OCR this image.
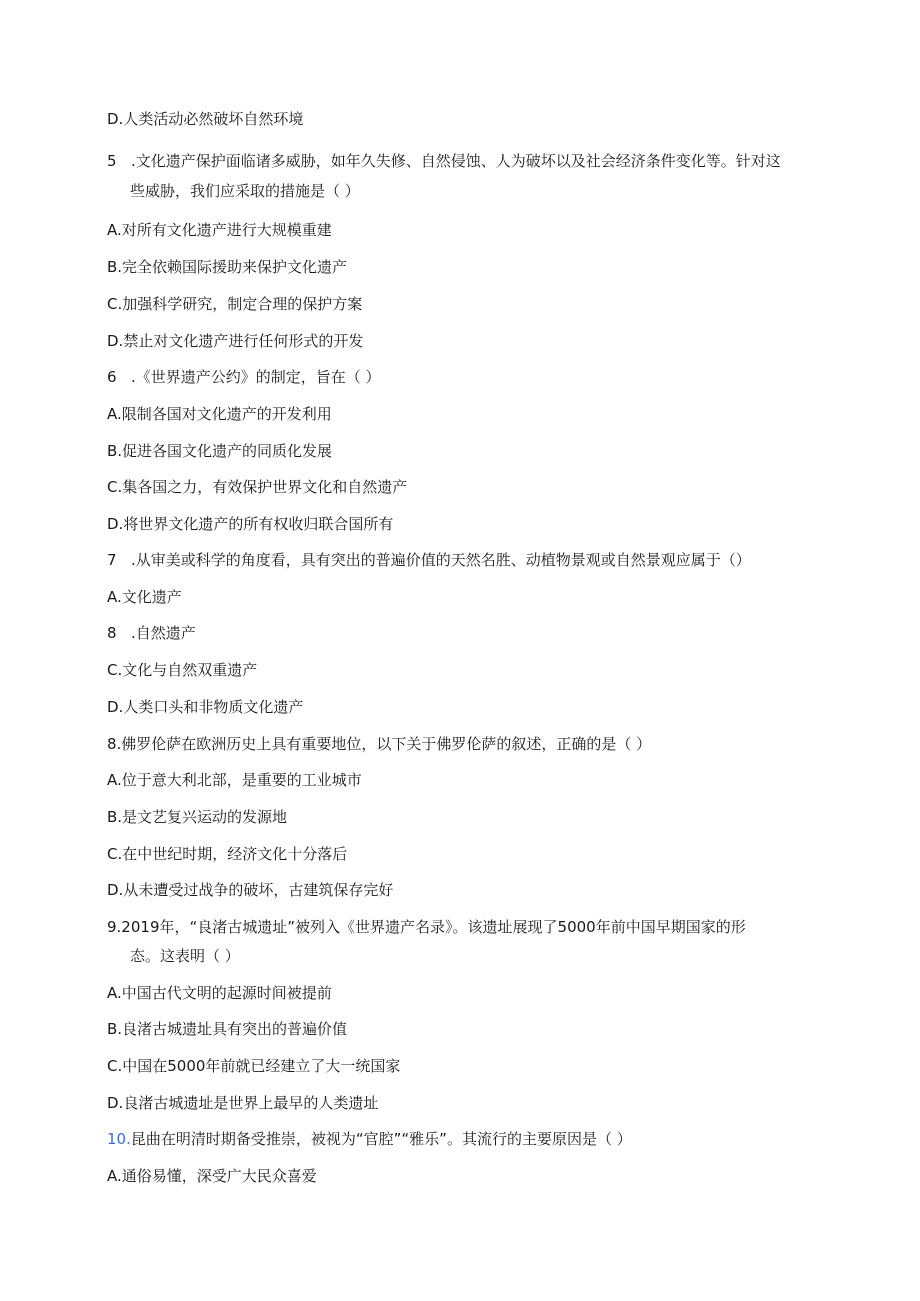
D.人类活动必然破坏自然环境
5 .文化遗产保护面临诸多威胁，如年久失修、自然侵蚀、人为破坏以及社会经济条件变化等。针对这
些威胁，我们应采取的措施是（ ）
A.对所有文化遗产进行大规模重建
B.完全依赖国际援助来保护文化遗产
C.加强科学研究，制定合理的保护方案
D.禁止对文化遗产进行任何形式的开发
6 .《世界遗产公约》的制定，旨在（ ）
A.限制各国对文化遗产的开发利用
B.促进各国文化遗产的同质化发展
C.集各国之力，有效保护世界文化和自然遗产
D.将世界文化遗产的所有权收归联合国所有
7 .从审美或科学的角度看，具有突出的普遍价值的天然名胜、动植物景观或自然景观应属于（）
A.文化遗产
8 .自然遗产
C.文化与自然双重遗产
D.人类口头和非物质文化遗产
8.佛罗伦萨在欧洲历史上具有重要地位，以下关于佛罗伦萨的叙述，正确的是（ ）
A.位于意大利北部，是重要的工业城市
B.是文艺复兴运动的发源地
C.在中世纪时期，经济文化十分落后
D.从未遭受过战争的破坏，古建筑保存完好
9.2019年，“良渚古城遗址”被列入《世界遗产名录》。该遗址展现了5000年前中国早期国家的形
态。这表明（ ）
A.中国古代文明的起源时间被提前
B.良渚古城遗址具有突出的普遍价值
C.中国在5000年前就已经建立了大一统国家
D.良渚古城遗址是世界上最早的人类遗址
10.昆曲在明清时期备受推崇，被视为“官腔”“雅乐”。其流行的主要原因是（ ）
A.通俗易懂，深受广大民众喜爱
